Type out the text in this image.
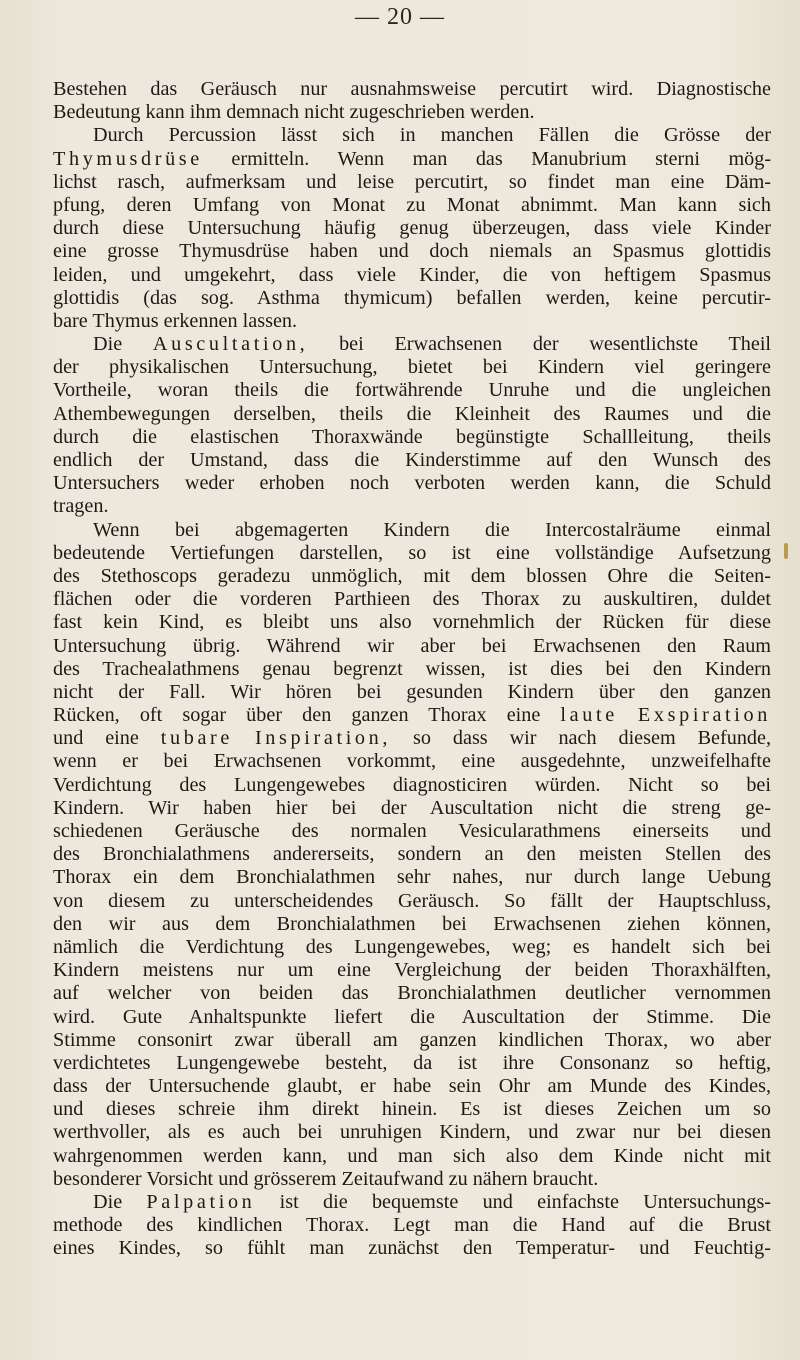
— 20 —
Bestehen das Geräusch nur ausnahmsweise percutirt wird. Diagnostische
Bedeutung kann ihm demnach nicht zugeschrieben werden.
Durch Percussion lässt sich in manchen Fällen die Grösse der
Thymusdrüse ermitteln. Wenn man das Manubrium sterni mög-
lichst rasch, aufmerksam und leise percutirt, so findet man eine Däm-
pfung, deren Umfang von Monat zu Monat abnimmt. Man kann sich
durch diese Untersuchung häufig genug überzeugen, dass viele Kinder
eine grosse Thymusdrüse haben und doch niemals an Spasmus glottidis
leiden, und umgekehrt, dass viele Kinder, die von heftigem Spasmus
glottidis (das sog. Asthma thymicum) befallen werden, keine percutir-
bare Thymus erkennen lassen.
Die Auscultation, bei Erwachsenen der wesentlichste Theil
der physikalischen Untersuchung, bietet bei Kindern viel geringere
Vortheile, woran theils die fortwährende Unruhe und die ungleichen
Athembewegungen derselben, theils die Kleinheit des Raumes und die
durch die elastischen Thoraxwände begünstigte Schallleitung, theils
endlich der Umstand, dass die Kinderstimme auf den Wunsch des
Untersuchers weder erhoben noch verboten werden kann, die Schuld
tragen.
Wenn bei abgemagerten Kindern die Intercostalräume einmal
bedeutende Vertiefungen darstellen, so ist eine vollständige Aufsetzung
des Stethoscops geradezu unmöglich, mit dem blossen Ohre die Seiten-
flächen oder die vorderen Parthieen des Thorax zu auskultiren, duldet
fast kein Kind, es bleibt uns also vornehmlich der Rücken für diese
Untersuchung übrig. Während wir aber bei Erwachsenen den Raum
des Trachealathmens genau begrenzt wissen, ist dies bei den Kindern
nicht der Fall. Wir hören bei gesunden Kindern über den ganzen
Rücken, oft sogar über den ganzen Thorax eine laute Exspiration
und eine tubare Inspiration, so dass wir nach diesem Befunde,
wenn er bei Erwachsenen vorkommt, eine ausgedehnte, unzweifelhafte
Verdichtung des Lungengewebes diagnosticiren würden. Nicht so bei
Kindern. Wir haben hier bei der Auscultation nicht die streng ge-
schiedenen Geräusche des normalen Vesicularathmens einerseits und
des Bronchialathmens andererseits, sondern an den meisten Stellen des
Thorax ein dem Bronchialathmen sehr nahes, nur durch lange Uebung
von diesem zu unterscheidendes Geräusch. So fällt der Hauptschluss,
den wir aus dem Bronchialathmen bei Erwachsenen ziehen können,
nämlich die Verdichtung des Lungengewebes, weg; es handelt sich bei
Kindern meistens nur um eine Vergleichung der beiden Thoraxhälften,
auf welcher von beiden das Bronchialathmen deutlicher vernommen
wird. Gute Anhaltspunkte liefert die Auscultation der Stimme. Die
Stimme consonirt zwar überall am ganzen kindlichen Thorax, wo aber
verdichtetes Lungengewebe besteht, da ist ihre Consonanz so heftig,
dass der Untersuchende glaubt, er habe sein Ohr am Munde des Kindes,
und dieses schreie ihm direkt hinein. Es ist dieses Zeichen um so
werthvoller, als es auch bei unruhigen Kindern, und zwar nur bei diesen
wahrgenommen werden kann, und man sich also dem Kinde nicht mit
besonderer Vorsicht und grösserem Zeitaufwand zu nähern braucht.
Die Palpation ist die bequemste und einfachste Untersuchungs-
methode des kindlichen Thorax. Legt man die Hand auf die Brust
eines Kindes, so fühlt man zunächst den Temperatur- und Feuchtig-
